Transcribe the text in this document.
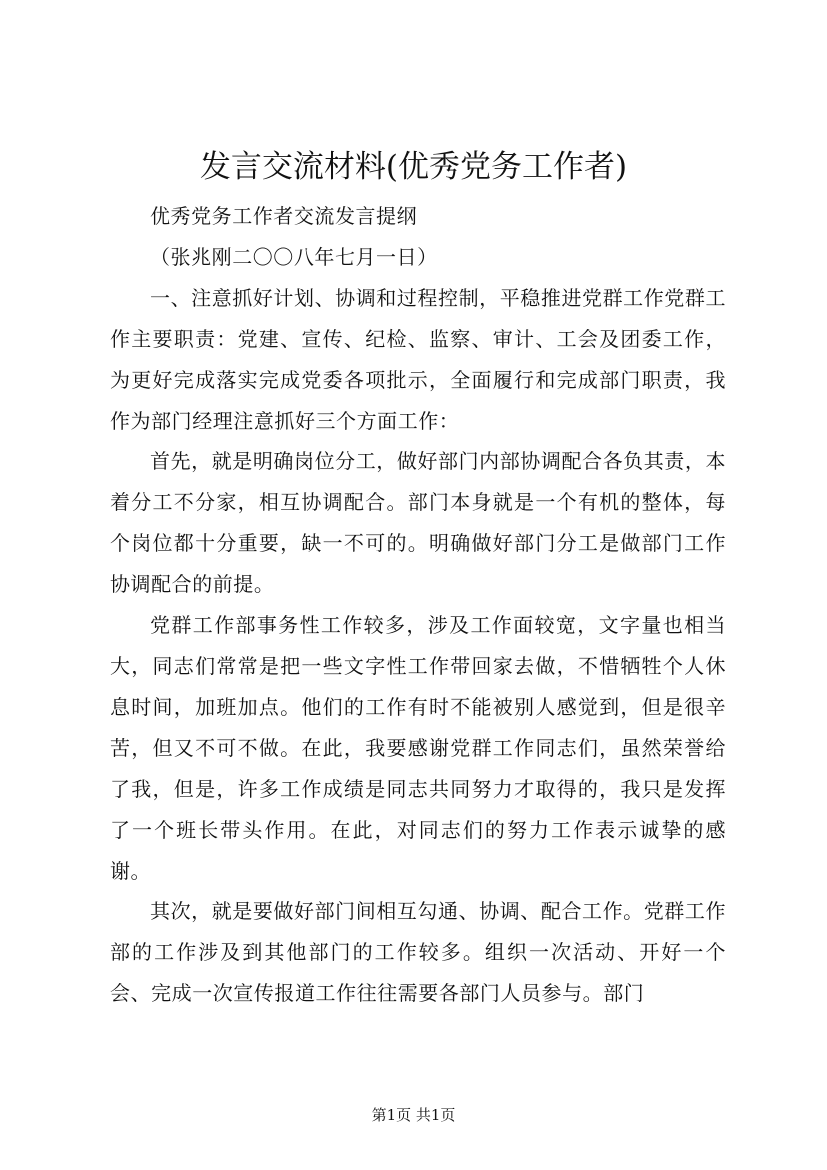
发言交流材料(优秀党务工作者)

优秀党务工作者交流发言提纲

（张兆刚二〇〇八年七月一日）

一、注意抓好计划、协调和过程控制，平稳推进党群工作党群工作主要职责：党建、宣传、纪检、监察、审计、工会及团委工作，为更好完成落实完成党委各项批示，全面履行和完成部门职责，我作为部门经理注意抓好三个方面工作：

首先，就是明确岗位分工，做好部门内部协调配合各负其责，本着分工不分家，相互协调配合。部门本身就是一个有机的整体，每个岗位都十分重要，缺一不可的。明确做好部门分工是做部门工作协调配合的前提。

党群工作部事务性工作较多，涉及工作面较宽，文字量也相当大，同志们常常是把一些文字性工作带回家去做，不惜牺牲个人休息时间，加班加点。他们的工作有时不能被别人感觉到，但是很辛苦，但又不可不做。在此，我要感谢党群工作同志们，虽然荣誉给了我，但是，许多工作成绩是同志共同努力才取得的，我只是发挥了一个班长带头作用。在此，对同志们的努力工作表示诚挚的感谢。

其次，就是要做好部门间相互勾通、协调、配合工作。党群工作部的工作涉及到其他部门的工作较多。组织一次活动、开好一个会、完成一次宣传报道工作往往需要各部门人员参与。部门

第1页 共1页
